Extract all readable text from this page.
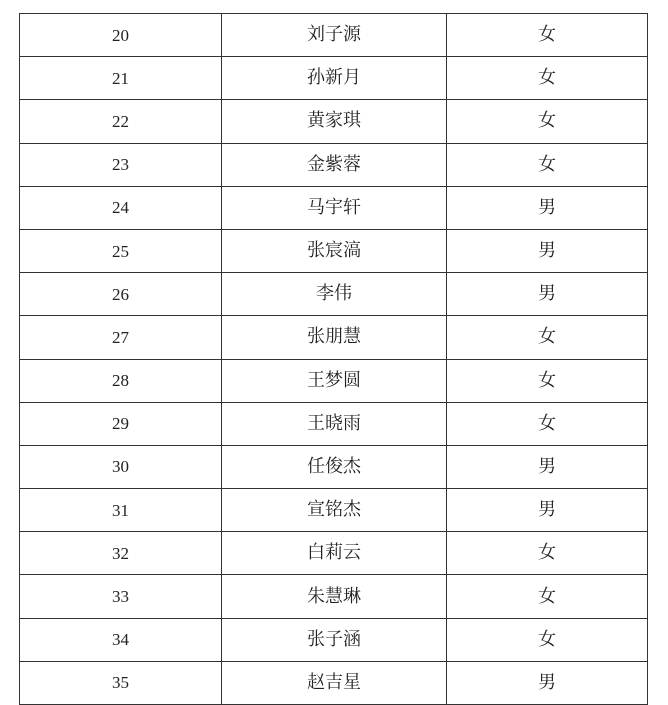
20	刘子源	女
21	孙新月	女
22	黄家琪	女
23	金紫蓉	女
24	马宇轩	男
25	张宸滈	男
26	李伟	男
27	张朋慧	女
28	王梦圆	女
29	王晓雨	女
30	任俊杰	男
31	宣铭杰	男
32	白莉云	女
33	朱慧琳	女
34	张子涵	女
35	赵吉星	男
